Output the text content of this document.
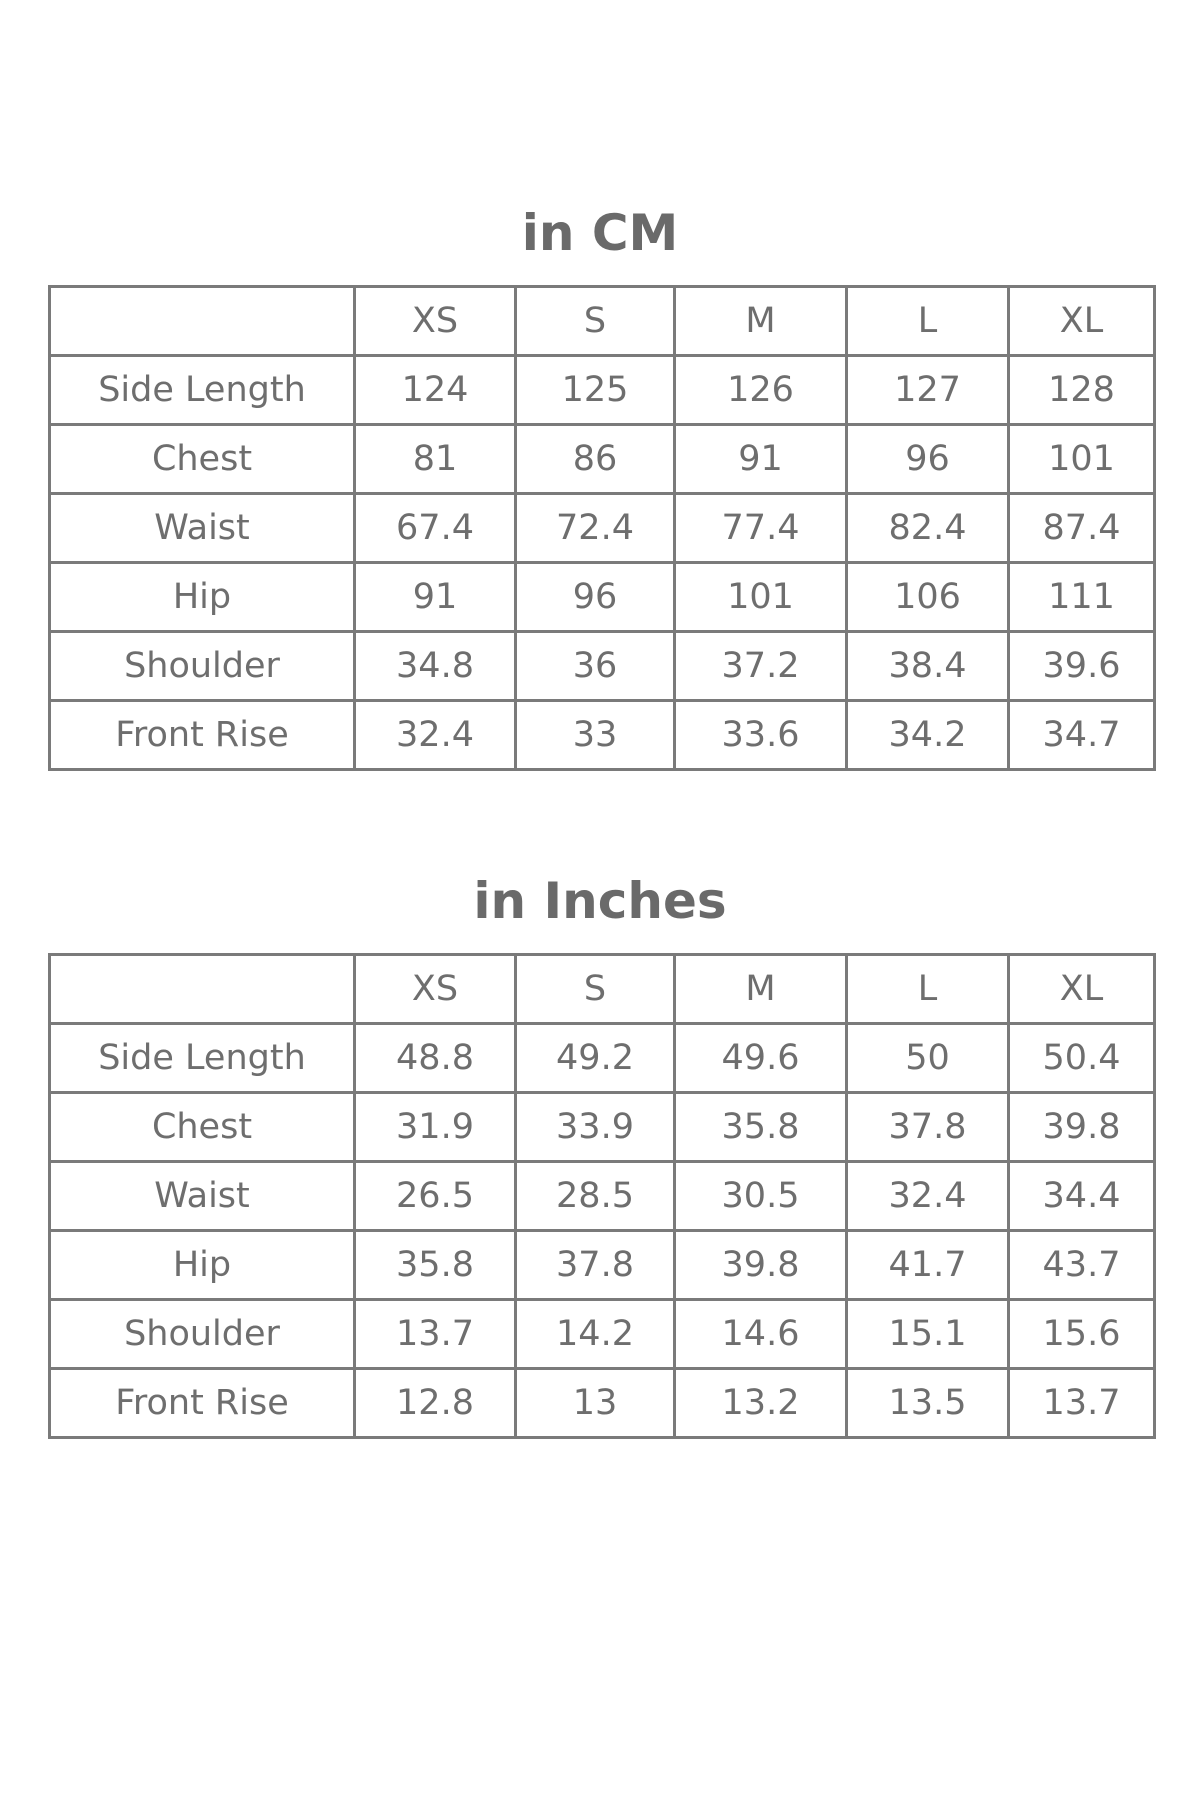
in CM
	XS	S	M	L	XL
Side Length	124	125	126	127	128
Chest	81	86	91	96	101
Waist	67.4	72.4	77.4	82.4	87.4
Hip	91	96	101	106	111
Shoulder	34.8	36	37.2	38.4	39.6
Front Rise	32.4	33	33.6	34.2	34.7
in Inches
	XS	S	M	L	XL
Side Length	48.8	49.2	49.6	50	50.4
Chest	31.9	33.9	35.8	37.8	39.8
Waist	26.5	28.5	30.5	32.4	34.4
Hip	35.8	37.8	39.8	41.7	43.7
Shoulder	13.7	14.2	14.6	15.1	15.6
Front Rise	12.8	13	13.2	13.5	13.7
